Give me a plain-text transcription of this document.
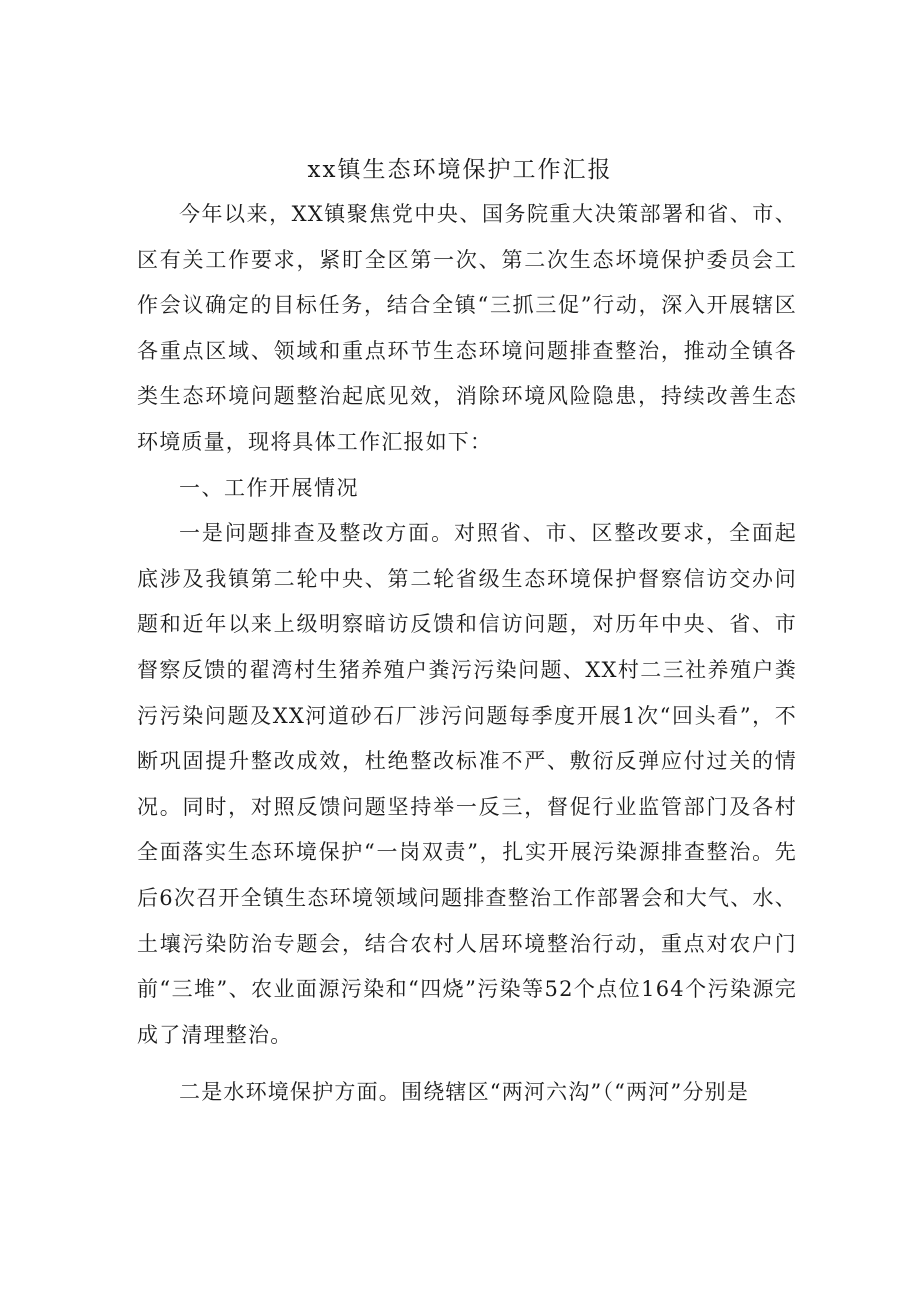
xx镇生态环境保护工作汇报

今年以来，XX镇聚焦党中央、国务院重大决策部署和省、市、区有关工作要求，紧盯全区第一次、第二次生态坏境保护委员会工作会议确定的目标任务，结合全镇“三抓三促”行动，深入开展辖区各重点区域、领域和重点环节生态环境问题排查整治，推动全镇各类生态环境问题整治起底见效，消除环境风险隐患，持续改善生态环境质量，现将具体工作汇报如下：

一、工作开展情况

一是问题排查及整改方面。对照省、市、区整改要求，全面起底涉及我镇第二轮中央、第二轮省级生态环境保护督察信访交办问题和近年以来上级明察暗访反馈和信访问题，对历年中央、省、市督察反馈的翟湾村生猪养殖户粪污污染问题、XX村二三社养殖户粪污污染问题及XX河道砂石厂涉污问题每季度开展1次“回头看”，不断巩固提升整改成效，杜绝整改标准不严、敷衍反弹应付过关的情况。同时，对照反馈问题坚持举一反三，督促行业监管部门及各村全面落实生态环境保护“一岗双责”，扎实开展污染源排查整治。先后6次召开全镇生态环境领域问题排查整治工作部署会和大气、水、土壤污染防治专题会，结合农村人居环境整治行动，重点对农户门前“三堆”、农业面源污染和“四烧”污染等52个点位164个污染源完成了清理整治。

二是水环境保护方面。围绕辖区“两河六沟”（“两河”分别是
